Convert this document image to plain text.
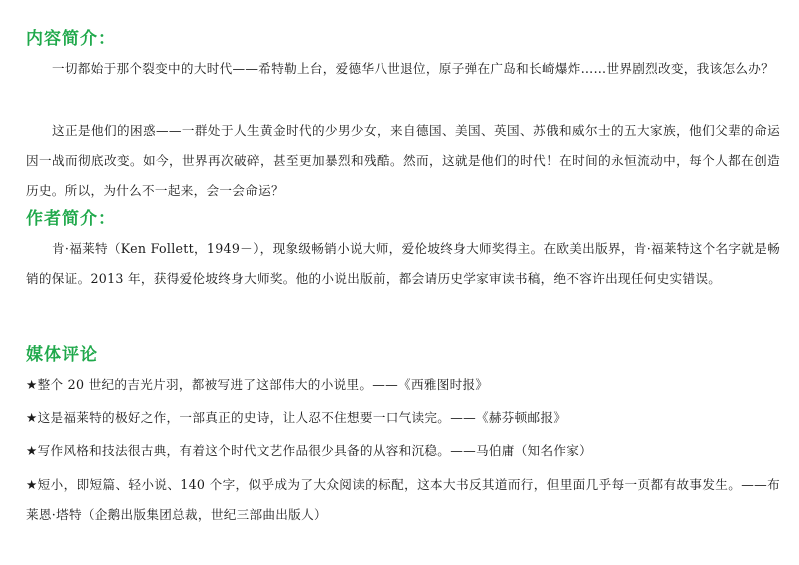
内容简介：

一切都始于那个裂变中的大时代——希特勒上台，爱德华八世退位，原子弹在广岛和长崎爆炸……世界剧烈改变，我该怎么办？

这正是他们的困惑——一群处于人生黄金时代的少男少女，来自德国、美国、英国、苏俄和威尔士的五大家族，他们父辈的命运因一战而彻底改变。如今，世界再次破碎，甚至更加暴烈和残酷。然而，这就是他们的时代！在时间的永恒流动中，每个人都在创造历史。所以，为什么不一起来，会一会命运？

作者简介：

肯·福莱特（Ken Follett，1949－），现象级畅销小说大师，爱伦坡终身大师奖得主。在欧美出版界，肯·福莱特这个名字就是畅销的保证。2013 年，获得爱伦坡终身大师奖。他的小说出版前，都会请历史学家审读书稿，绝不容许出现任何史实错误。

媒体评论

★整个 20 世纪的吉光片羽，都被写进了这部伟大的小说里。——《西雅图时报》

★这是福莱特的极好之作，一部真正的史诗，让人忍不住想要一口气读完。——《赫芬顿邮报》

★写作风格和技法很古典，有着这个时代文艺作品很少具备的从容和沉稳。——马伯庸（知名作家）

★短小，即短篇、轻小说、140 个字，似乎成为了大众阅读的标配，这本大书反其道而行，但里面几乎每一页都有故事发生。——布莱恩·塔特（企鹅出版集团总裁，世纪三部曲出版人）
